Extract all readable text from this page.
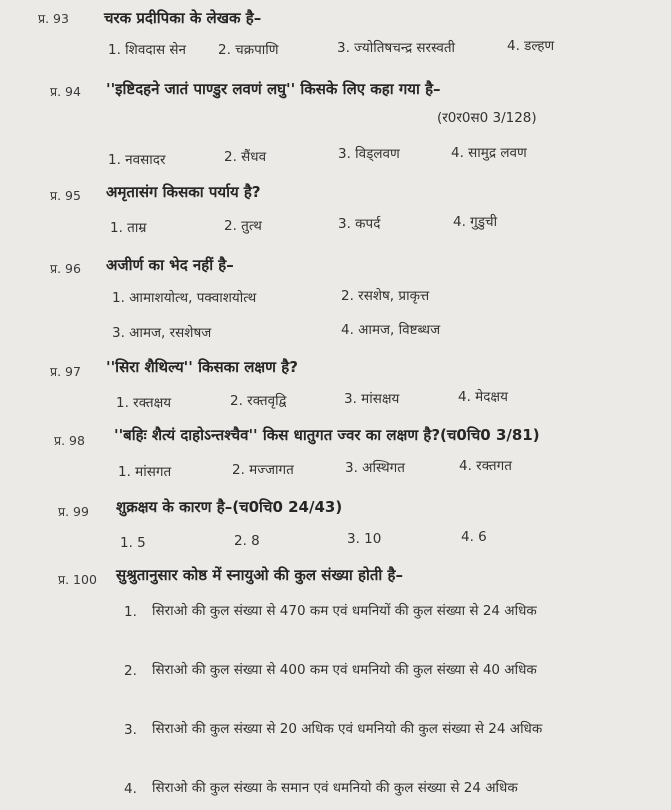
प्र. 93 चरक प्रदीपिका के लेखक है–
1. शिवदास सेन 2. चक्रपाणि	3. ज्योतिषचन्द्र सरस्वती	4. डल्हण
प्र. 94 ''इष्टिदहने जातं पाण्डुर लवणं लघु'' किसके लिए कहा गया है–
(र0र0स0 3/128)
1. नवसादर	2. सैंधव	3. विड्लवण	4. सामुद्र लवण
प्र. 95 अमृतासंग किसका पर्याय है?
1. ताम्र	2. तुत्थ	3. कपर्द	4. गुडुची
प्र. 96 अजीर्ण का भेद नहीं है–
1. आमाशयोत्थ, पक्वाशयोत्थ	2. रसशेष, प्राकृत्त
3. आमज, रसशेषज	4. आमज, विष्टब्धज
प्र. 97 ''सिरा शैथिल्य'' किसका लक्षण है?
1. रक्तक्षय	2. रक्तवृद्वि	3. मांसक्षय	4. मेदक्षय
प्र. 98 ''बहिः शैत्यं दाहोऽन्तश्चैव'' किस धातुगत ज्वर का लक्षण है?(च0चि0 3/81)
1. मांसगत	2. मज्जागत	3. अस्थिगत	4. रक्तगत
प्र. 99 शुक्रक्षय के कारण है–(च0चि0 24/43)
1. 5	2. 8	3. 10	4. 6
प्र. 100 सुश्रुतानुसार कोष्ठ में स्नायुओ की कुल संख्या होती है–
1. सिराओ की कुल संख्या से 470 कम एवं धमनियों की कुल संख्या से 24 अधिक
2. सिराओ की कुल संख्या से 400 कम एवं धमनियो की कुल संख्या से 40 अधिक
3. सिराओ की कुल संख्या से 20 अधिक एवं धमनियो की कुल संख्या से 24 अधिक
4. सिराओ की कुल संख्या के समान एवं धमनियो की कुल संख्या से 24 अधिक
